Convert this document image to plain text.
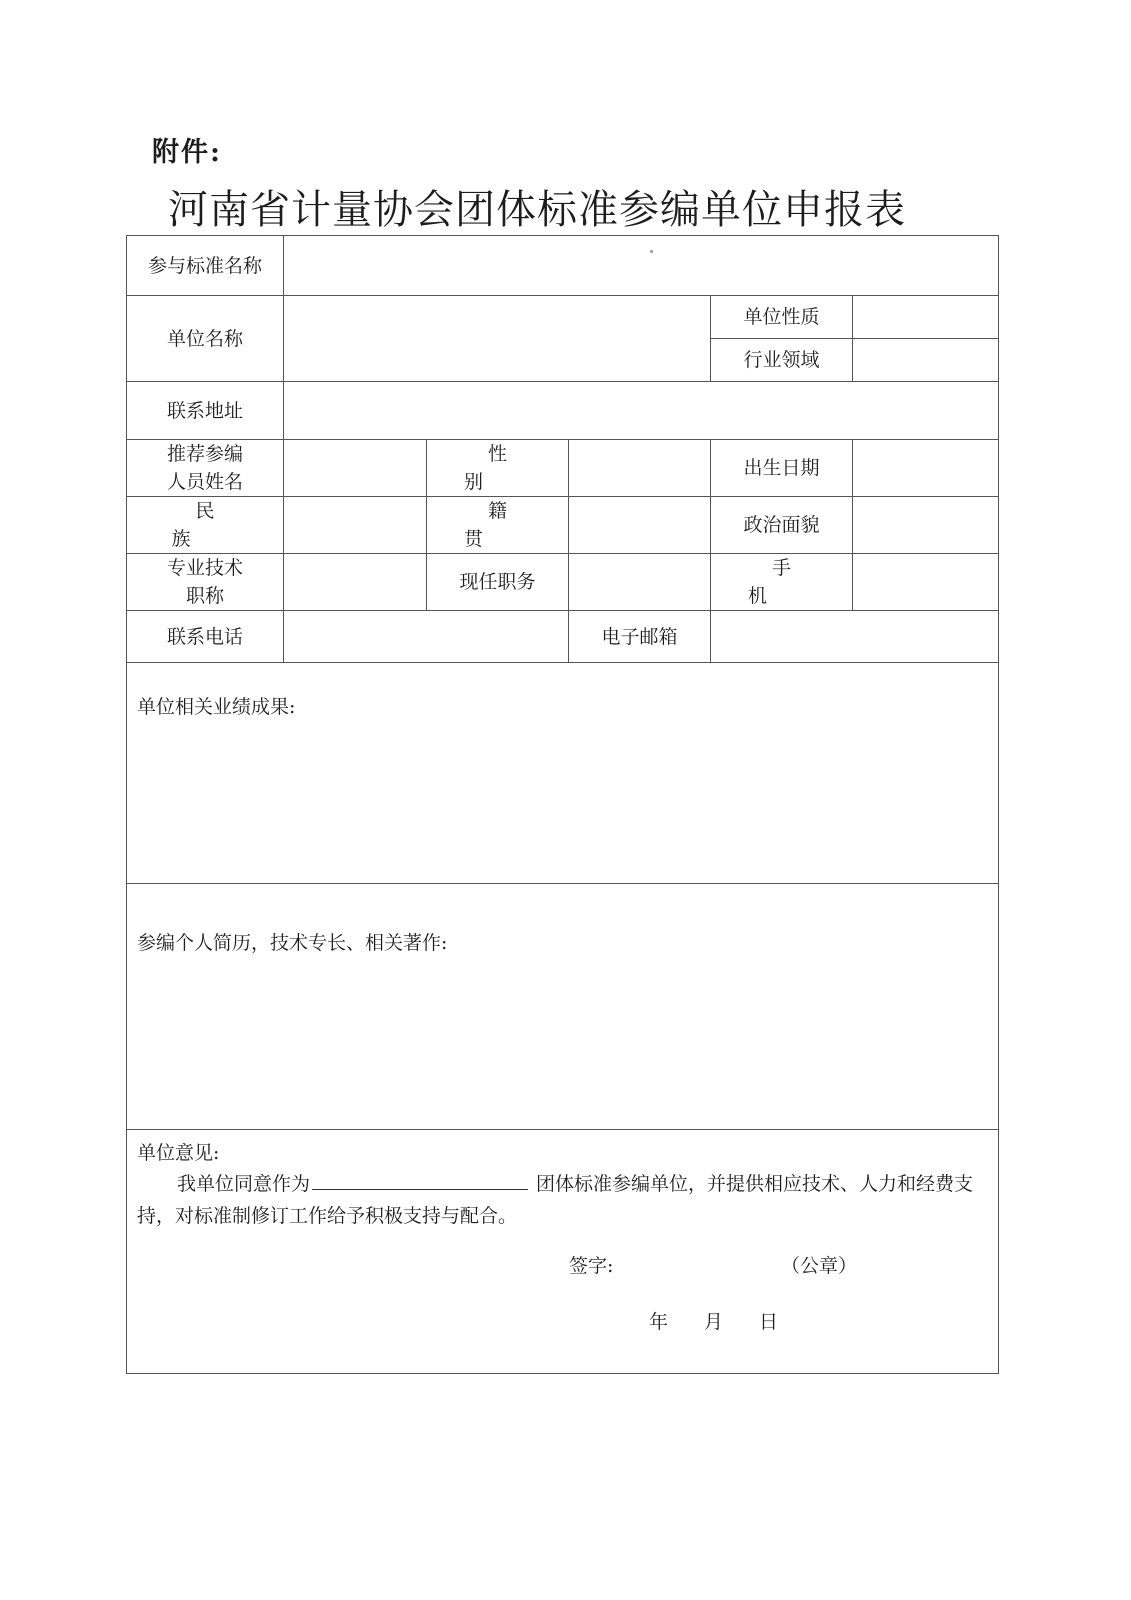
附件:
河南省计量协会团体标准参编单位申报表
参与标准名称					
单位名称				单位性质	
				行业领域	
联系地址					
推荐参编
人员姓名		性 别		出生日期	
民 族		籍 贯		政治面貌	
专业技术
职称		现任职务		手 机	
联系电话			电子邮箱		
单位相关业绩成果:					
参编个人简历，技术专长、相关著作:					

单位意见:
我单位同意作为 团体标准参编单位，并提供相应技术、人力和经费支持，对标准制修订工作给予积极支持与配合。
签字: （公章）
年月日					
